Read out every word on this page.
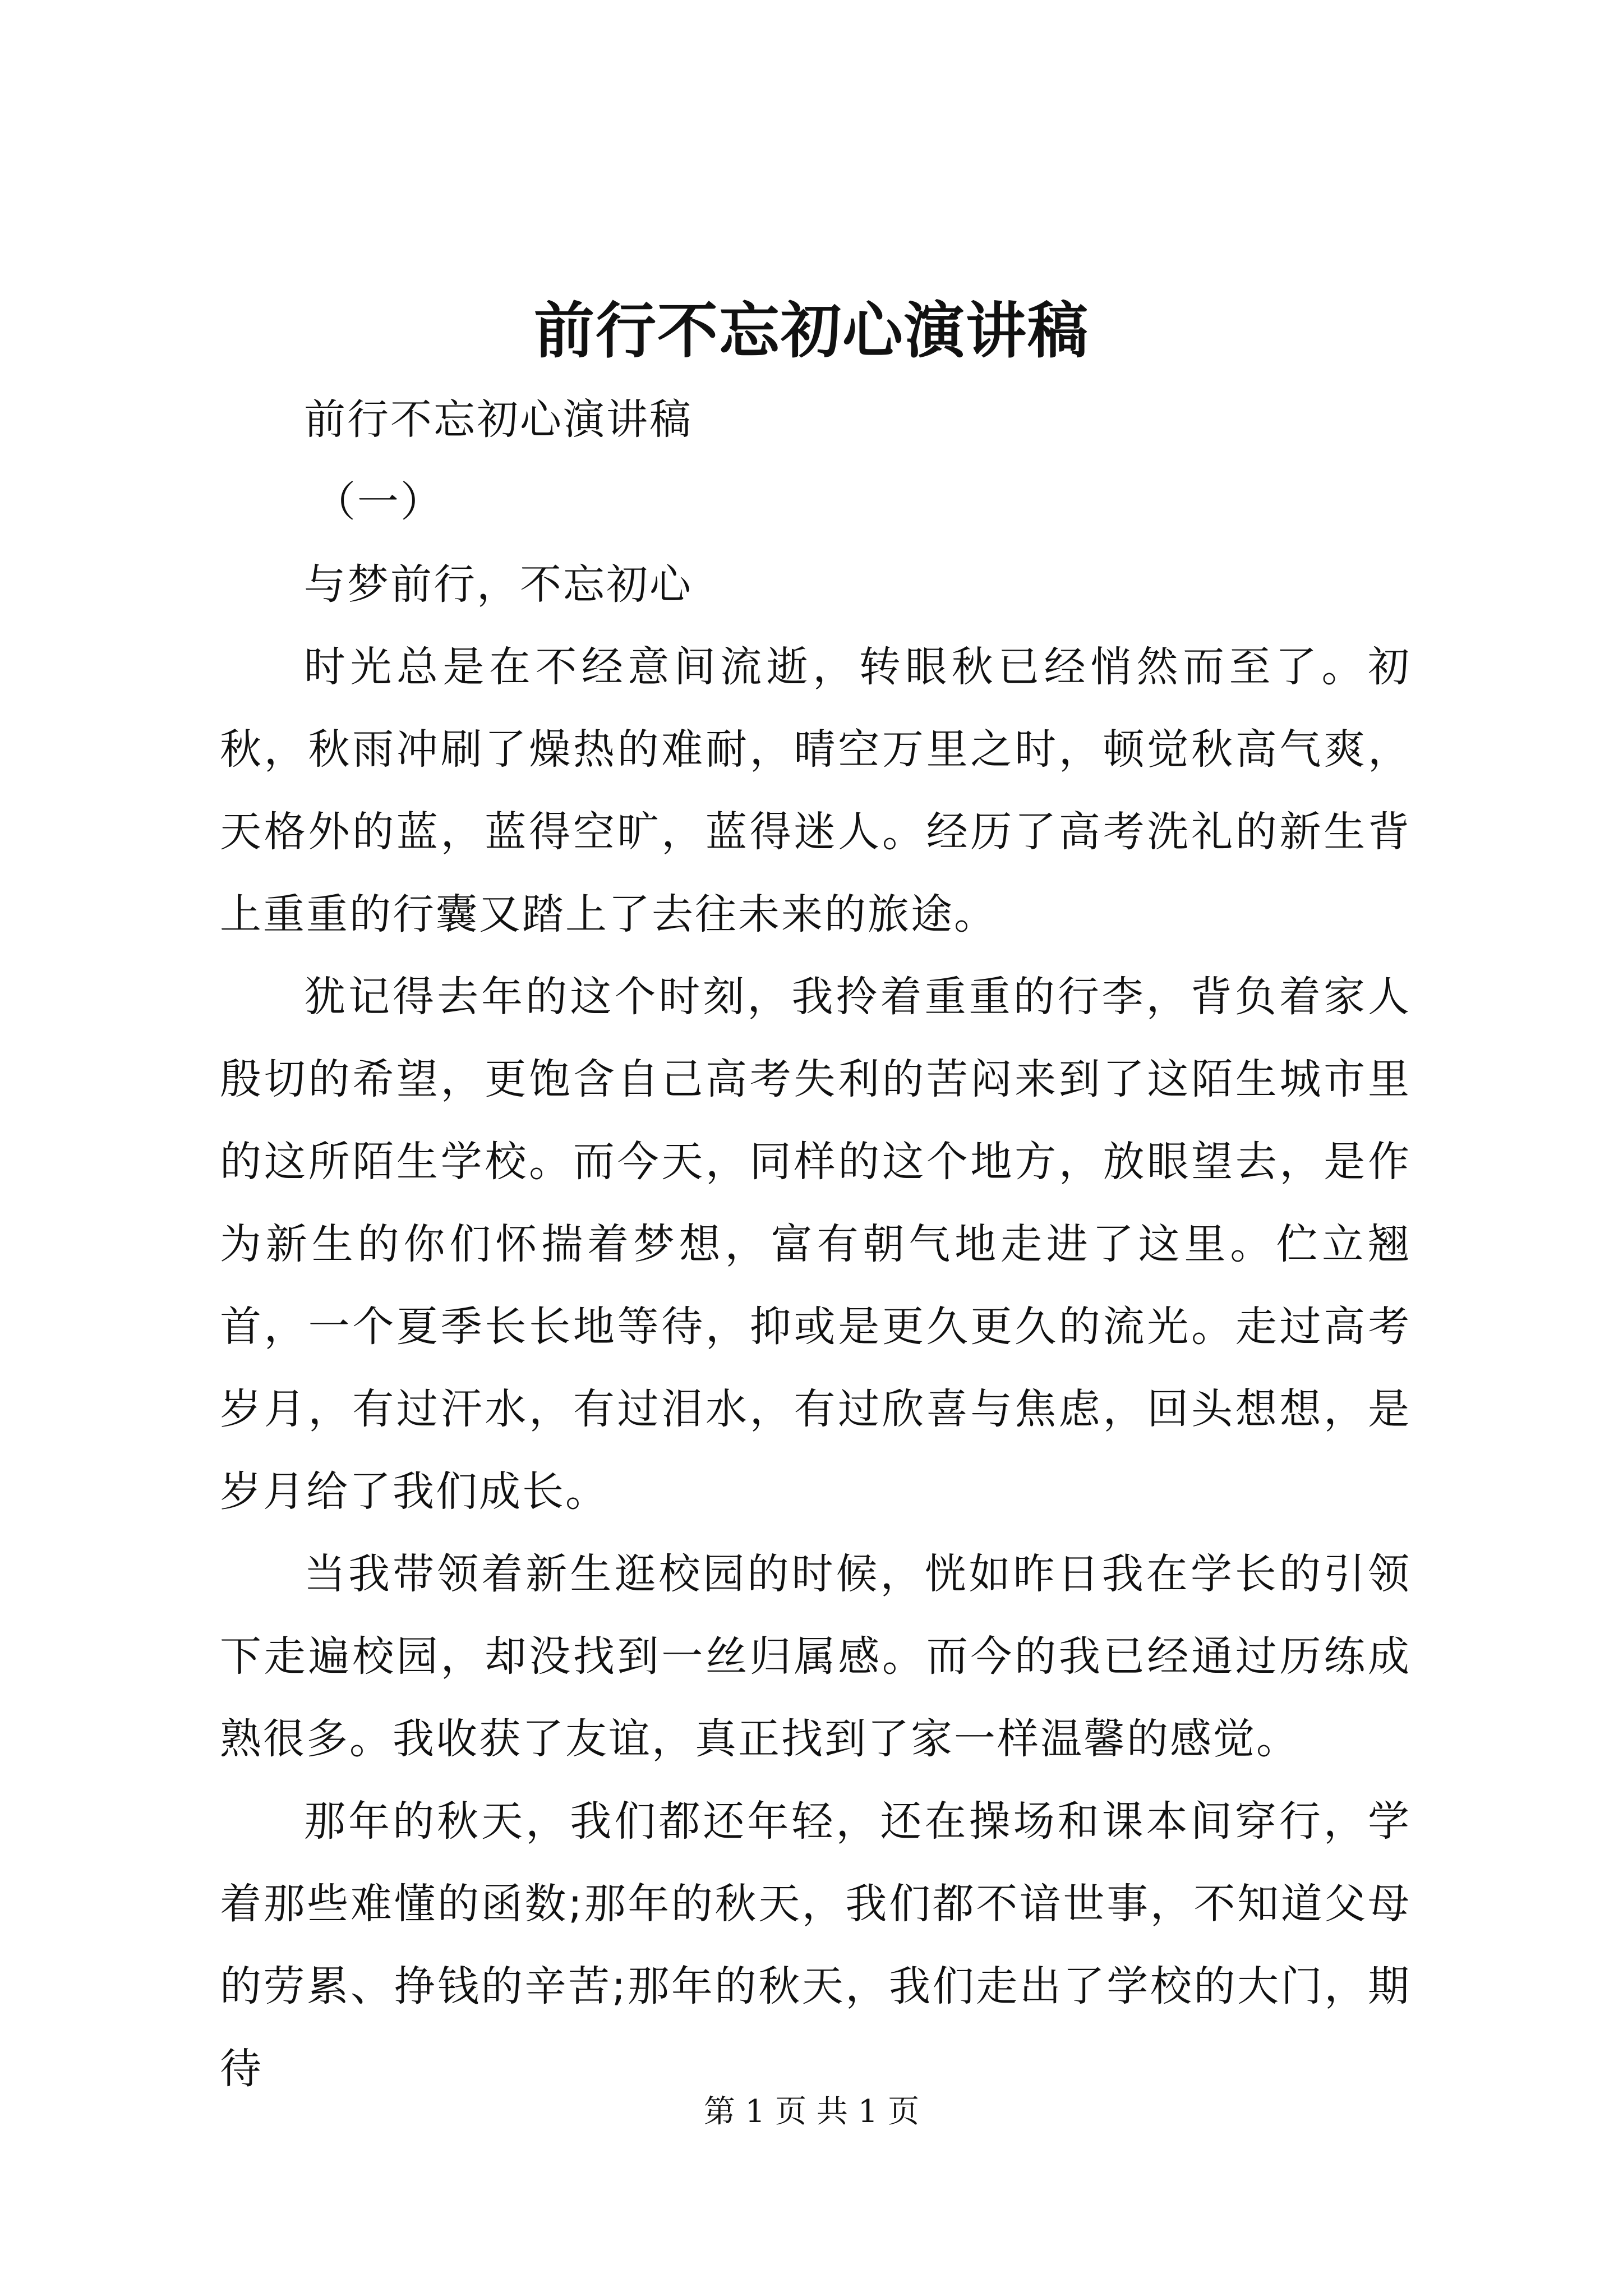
前行不忘初心演讲稿

前行不忘初心演讲稿

（一）

与梦前行，不忘初心

时光总是在不经意间流逝，转眼秋已经悄然而至了。初秋，秋雨冲刷了燥热的难耐，晴空万里之时，顿觉秋高气爽，天格外的蓝，蓝得空旷，蓝得迷人。经历了高考洗礼的新生背上重重的行囊又踏上了去往未来的旅途。

犹记得去年的这个时刻，我拎着重重的行李，背负着家人殷切的希望，更饱含自己高考失利的苦闷来到了这陌生城市里的这所陌生学校。而今天，同样的这个地方，放眼望去，是作为新生的你们怀揣着梦想，富有朝气地走进了这里。伫立翘首，一个夏季长长地等待，抑或是更久更久的流光。走过高考岁月，有过汗水，有过泪水，有过欣喜与焦虑，回头想想，是岁月给了我们成长。

当我带领着新生逛校园的时候，恍如昨日我在学长的引领下走遍校园，却没找到一丝归属感。而今的我已经通过历练成熟很多。我收获了友谊，真正找到了家一样温馨的感觉。

那年的秋天，我们都还年轻，还在操场和课本间穿行，学着那些难懂的函数;那年的秋天，我们都不谙世事，不知道父母的劳累、挣钱的辛苦;那年的秋天，我们走出了学校的大门，期待

第 1 页 共 1 页
